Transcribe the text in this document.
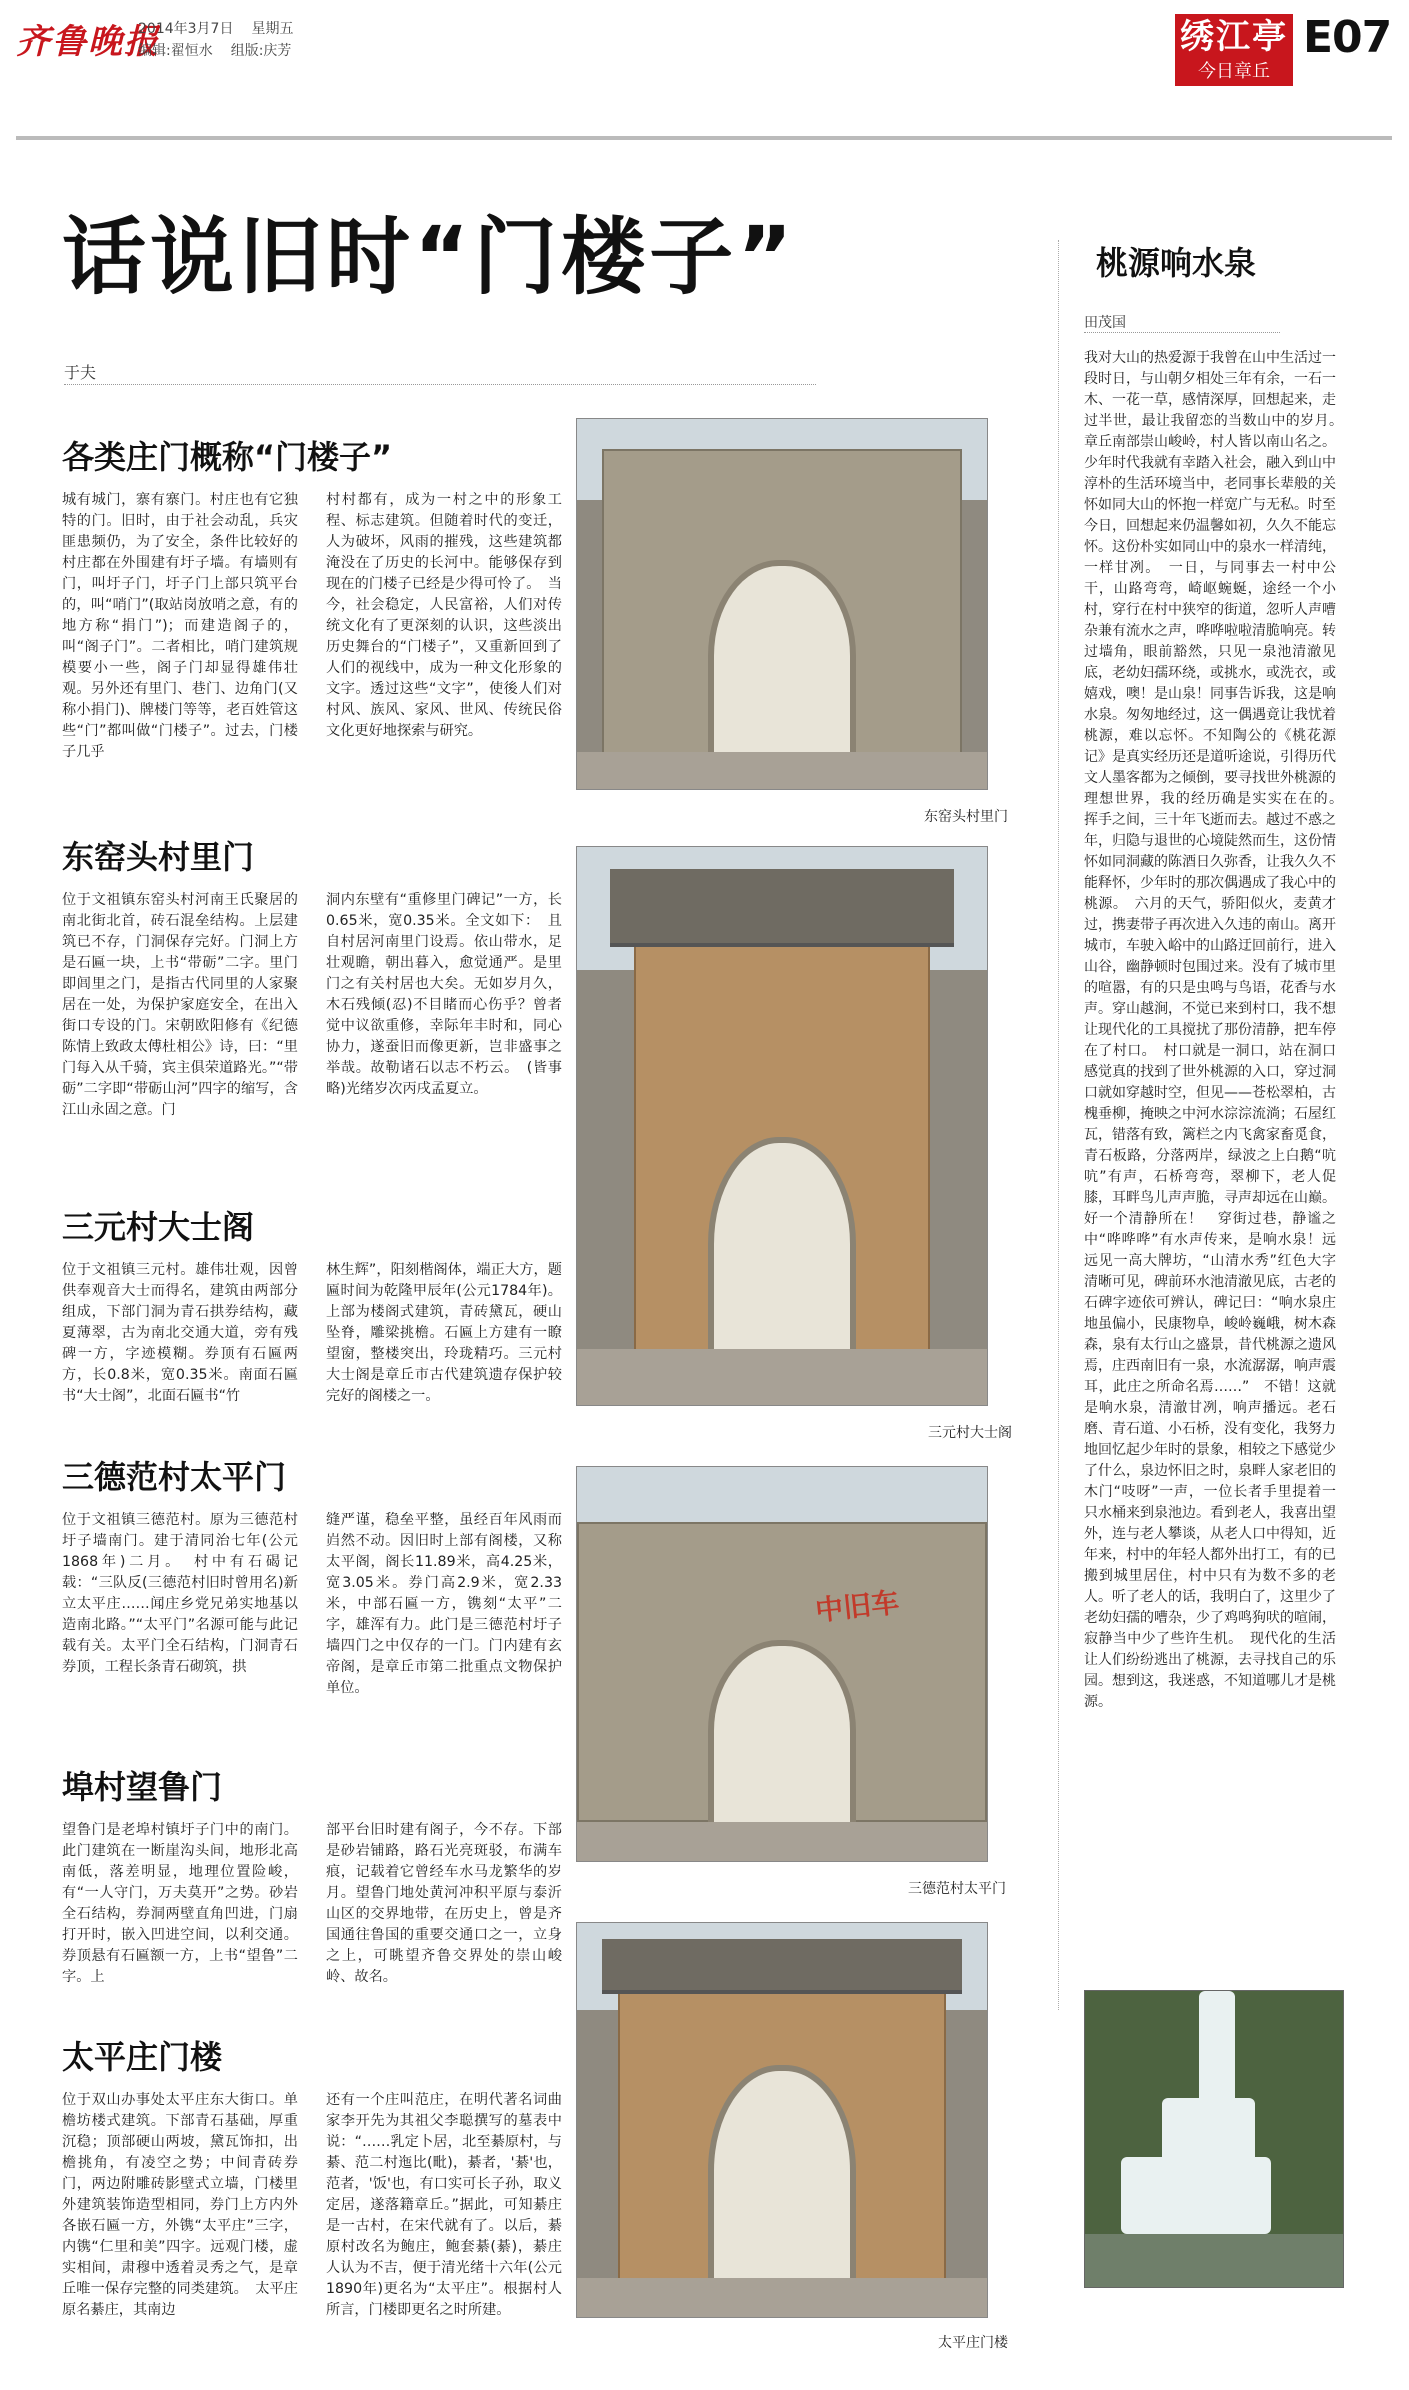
齐鲁晚报
2014年3月7日 星期五
编辑:翟恒水 组版:庆芳	绣江亭
今日章丘
E07
话说旧时“门楼子”
于夫
各类庄门概称“门楼子”
城有城门，寨有寨门。村庄也有它独特的门。旧时，由于社会动乱，兵灾匪患频仍，为了安全，条件比较好的村庄都在外围建有圩子墙。有墙则有门，叫圩子门，圩子门上部只筑平台的，叫“哨门”(取站岗放哨之意，有的地方称“捐门”)；而建造阁子的，叫“阁子门”。二者相比，哨门建筑规模要小一些，阁子门却显得雄伟壮观。另外还有里门、巷门、边角门(又称小捐门)、牌楼门等等，老百姓管这些“门”都叫做“门楼子”。过去，门楼子几乎
村村都有，成为一村之中的形象工程、标志建筑。但随着时代的变迁，人为破坏，风雨的摧残，这些建筑都淹没在了历史的长河中。能够保存到现在的门楼子已经是少得可怜了。　当今，社会稳定，人民富裕，人们对传统文化有了更深刻的认识，这些淡出历史舞台的“门楼子”，又重新回到了人们的视线中，成为一种文化形象的文字。透过这些“文字”，使後人们对村风、族风、家风、世风、传统民俗文化更好地探索与研究。
东窑头村里门
位于文祖镇东窑头村河南王氏聚居的南北街北首，砖石混垒结构。上层建筑已不存，门洞保存完好。门洞上方是石匾一块，上书“带砺”二字。里门即闾里之门，是指古代同里的人家聚居在一处，为保护家庭安全，在出入街口专设的门。宋朝欧阳修有《纪德陈情上致政太傅杜相公》诗，曰：“里门每入从千骑，宾主俱荣道路光。”“带砺”二字即“带砺山河”四字的缩写，含江山永固之意。门
洞内东壁有“重修里门碑记”一方，长0.65米，宽0.35米。全文如下：　且自村居河南里门设焉。依山带水，足壮观瞻，朝出暮入，愈觉通严。是里门之有关村居也大矣。无如岁月久，木石残倾(忍)不目睹而心伤乎？曾者觉中议欲重修，幸际年丰时和，同心协力，遂蚕旧而像更新，岂非盛事之举哉。故勒诸石以志不朽云。　(皆事略)光绪岁次丙戌孟夏立。
三元村大士阁
位于文祖镇三元村。雄伟壮观，因曾供奉观音大士而得名，建筑由两部分组成，下部门洞为青石拱券结构，藏夏薄翠，古为南北交通大道，旁有残碑一方，字迹模糊。券顶有石匾两方，长0.8米，宽0.35米。南面石匾书“大士阁”，北面石匾书“竹
林生辉”，阳刻楷阁体，端正大方，题匾时间为乾隆甲辰年(公元1784年)。上部为楼阁式建筑，青砖黛瓦，硬山坠脊，雕梁挑檐。石匾上方建有一瞭望窗，整楼突出，玲珑精巧。三元村大士阁是章丘市古代建筑遗存保护较完好的阁楼之一。
三德范村太平门
位于文祖镇三德范村。原为三德范村圩子墙南门。建于清同治七年(公元1868年)二月。　村中有石碣记载：“三队反(三德范村旧时曾用名)新立太平庄……闻庄乡党兄弟实地基以造南北路。”“太平门”名源可能与此记载有关。太平门全石结构，门洞青石券顶，工程长条青石砌筑，拱
缝严谨，稳垒平整，虽经百年风雨而岿然不动。因旧时上部有阁楼，又称太平阁，阁长11.89米，高4.25米，宽3.05米。券门高2.9米，宽2.33米，中部石匾一方，镌刻“太平”二字，雄浑有力。此门是三德范村圩子墙四门之中仅存的一门。门内建有玄帝阁，是章丘市第二批重点文物保护单位。
埠村望鲁门
望鲁门是老埠村镇圩子门中的南门。此门建筑在一断崖沟头间，地形北高南低，落差明显，地理位置险峻，有“一人守门，万夫莫开”之势。砂岩全石结构，券洞两壁直角凹进，门扇打开时，嵌入凹进空间，以利交通。券顶悬有石匾额一方，上书“望鲁”二字。上
部平台旧时建有阁子，今不存。下部是砂岩铺路，路石光亮斑驳，布满车痕，记载着它曾经车水马龙繁华的岁月。望鲁门地处黄河冲积平原与泰沂山区的交界地带，在历史上，曾是齐国通往鲁国的重要交通口之一，立身之上，可眺望齐鲁交界处的崇山峻岭、故名。
太平庄门楼
位于双山办事处太平庄东大街口。单檐坊楼式建筑。下部青石基础，厚重沉稳；顶部硬山两坡，黛瓦饰扣，出檐挑角，有凌空之势；中间青砖券门，两边附雕砖影壁式立墙，门楼里外建筑装饰造型相同，券门上方内外各嵌石匾一方，外镌“太平庄”三字，内镌“仁里和美”四字。远观门楼，虚实相间，肃穆中透着灵秀之气，是章丘唯一保存完整的同类建筑。　太平庄原名綦庄，其南边
还有一个庄叫范庄，在明代著名词曲家李开先为其祖父李聪撰写的墓表中说：“……乳定卜居，北至綦原村，与綦、范二村迤比(毗)，綦者，'綦'也，范者，'饭'也，有口实可长子孙，取义定居，遂落籍章丘。”据此，可知綦庄是一古村，在宋代就有了。以后，綦原村改名为鲍庄，鲍套綦(綦)，綦庄人认为不吉，便于清光绪十六年(公元1890年)更名为“太平庄”。根据村人所言，门楼即更名之时所建。
东窑头村里门
三元村大士阁
中旧车
三德范村太平门
太平庄门楼
桃源响水泉
田茂国
我对大山的热爱源于我曾在山中生活过一段时日，与山朝夕相处三年有余，一石一木、一花一草，感情深厚，回想起来，走过半世，最让我留恋的当数山中的岁月。　章丘南部崇山峻岭，村人皆以南山名之。少年时代我就有幸踏入社会，融入到山中淳朴的生活环境当中，老同事长辈般的关怀如同大山的怀抱一样宽广与无私。时至今日，回想起来仍温馨如初，久久不能忘怀。这份朴实如同山中的泉水一样清纯，一样甘冽。　一日，与同事去一村中公干，山路弯弯，崎岖蜿蜒，途经一个小村，穿行在村中狭窄的街道，忽听人声嘈杂兼有流水之声，哗哗啦啦清脆响亮。转过墙角，眼前豁然，只见一泉池清澈见底，老幼妇孺环绕，或挑水，或洗衣，或嬉戏，噢！是山泉！同事告诉我，这是响水泉。匆匆地经过，这一偶遇竟让我忧着桃源，难以忘怀。不知陶公的《桃花源记》是真实经历还是道听途说，引得历代文人墨客都为之倾倒，要寻找世外桃源的理想世界，我的经历确是实实在在的。　挥手之间，三十年飞逝而去。越过不惑之年，归隐与退世的心境陡然而生，这份情怀如同洞藏的陈酒日久弥香，让我久久不能释怀，少年时的那次偶遇成了我心中的桃源。　六月的天气，骄阳似火，麦黄才过，携妻带子再次进入久违的南山。离开城市，车驶入峪中的山路迂回前行，进入山谷，幽静顿时包围过来。没有了城市里的喧嚣，有的只是虫鸣与鸟语，花香与水声。穿山越涧，不觉已来到村口，我不想让现代化的工具搅扰了那份清静，把车停在了村口。　村口就是一洞口，站在洞口感觉真的找到了世外桃源的入口，穿过洞口就如穿越时空，但见——苍松翠柏，古槐垂柳，掩映之中河水淙淙流淌；石屋红瓦，错落有致，篱栏之内飞禽家畜觅食，青石板路，分落两岸，绿波之上白鹅“吭吭”有声，石桥弯弯，翠柳下，老人促膝，耳畔鸟儿声声脆，寻声却远在山巅。好一个清静所在！　穿街过巷，静谧之中“哗哗哗”有水声传来，是响水泉！远远见一高大牌坊，“山清水秀”红色大字清晰可见，碑前环水池清澈见底，古老的石碑字迹依可辨认，碑记曰：“响水泉庄地虽偏小，民康物阜，峻岭巍峨，树木森森，泉有太行山之盛景，昔代桃源之遗风焉，庄西南旧有一泉，水流潺潺，响声震耳，此庄之所命名焉……”　不错！这就是响水泉，清澈甘冽，响声播远。老石磨、青石道、小石桥，没有变化，我努力地回忆起少年时的景象，相较之下感觉少了什么，泉边怀旧之时，泉畔人家老旧的木门“吱呀”一声，一位长者手里提着一只水桶来到泉池边。看到老人，我喜出望外，连与老人攀谈，从老人口中得知，近年来，村中的年轻人都外出打工，有的已搬到城里居住，村中只有为数不多的老人。听了老人的话，我明白了，这里少了老幼妇孺的嘈杂，少了鸡鸣狗吠的喧闹，寂静当中少了些许生机。　现代化的生活让人们纷纷逃出了桃源，去寻找自己的乐园。想到这，我迷惑，不知道哪儿才是桃源。
